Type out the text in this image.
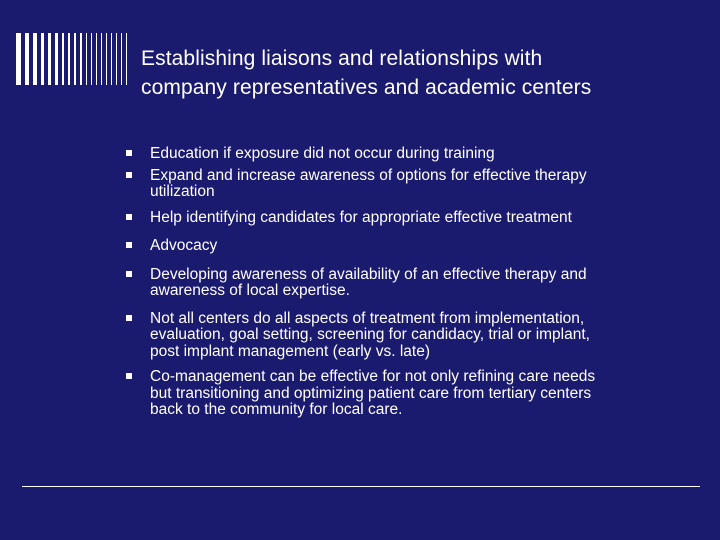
Establishing liaisons and relationships with
company representatives and academic centers
Education if exposure did not occur during training
Expand and increase awareness of options for effective therapy
utilization
Help identifying candidates for appropriate effective treatment
Advocacy
Developing awareness of availability of an effective therapy and
awareness of local expertise.
Not all centers do all aspects of treatment from implementation,
evaluation, goal setting, screening for candidacy, trial or implant,
post implant management (early vs. late)
Co-management can be effective for not only refining care needs
but transitioning and optimizing patient care from tertiary centers
back to the community for local care.
